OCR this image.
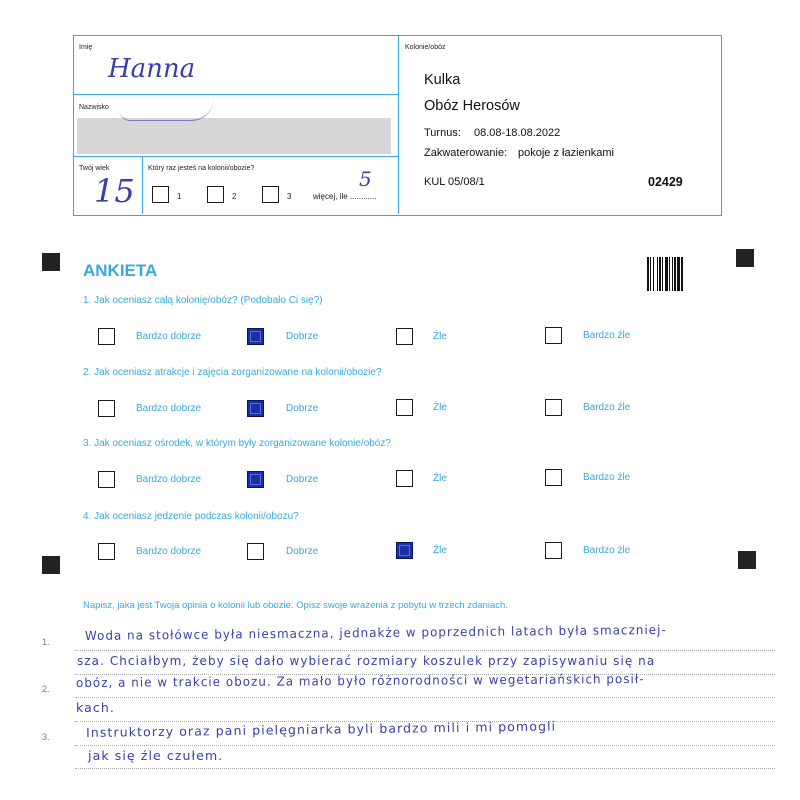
Imię	Kolonie/obóz
Nazwisko
Twój wiek	Który raz jesteś na kolonii/obozie?
Hanna
15	1	2	3	więcej, ile ............
5
Kulka
Obóz Herosów
Turnus: 08.08-18.08.2022
Zakwaterowanie: pokoje z łazienkami
KUL 05/08/1	02429
ANKIETA
1. Jak oceniasz całą kolonię/obóz? (Podobało Ci się?)
Bardzo dobrze	Dobrze	Źle	Bardzo źle
2. Jak oceniasz atrakcje i zajęcia zorganizowane na kolonii/obozie?
Bardzo dobrze	Dobrze	Źle	Bardzo źle
3. Jak oceniasz ośrodek, w którym były zorganizowane kolonie/obóz?
Bardzo dobrze	Dobrze	Źle	Bardzo źle
4. Jak oceniasz jedzenie podczas kolonii/obozu?
Bardzo dobrze	Dobrze	Źle	Bardzo źle
Napisz, jaka jest Twoja opinia o kolonii lub obozie. Opisz swoje wrażenia z pobytu w trzech zdaniach.
1.
2.
3.
Woda na stołówce była niesmaczna, jednakże w poprzednich latach była smaczniej-
sza. Chciałbym, żeby się dało wybierać rozmiary koszulek przy zapisywaniu się na
obóz, a nie w trakcie obozu. Za mało było różnorodności w wegetariańskich posił-
kach.
Instruktorzy oraz pani pielęgniarka byli bardzo mili i mi pomogli
jak się źle czułem.
